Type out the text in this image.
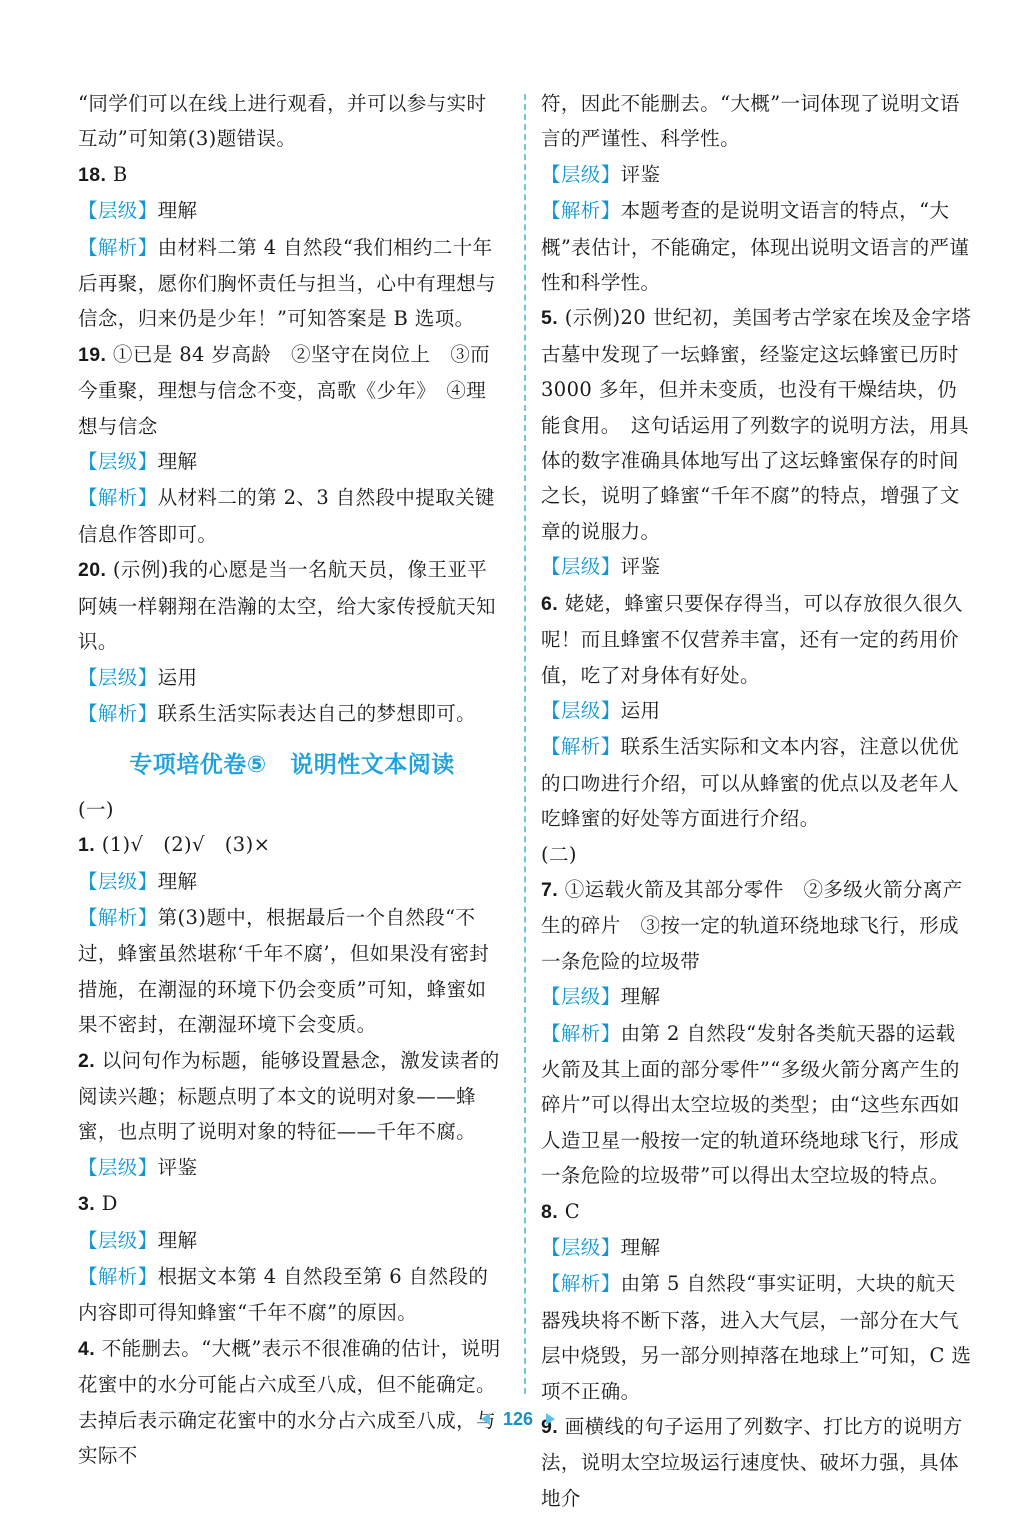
“同学们可以在线上进行观看，并可以参与实时互动”可知第(3)题错误。

18. B

【层级】理解

【解析】由材料二第 4 自然段“我们相约二十年后再聚，愿你们胸怀责任与担当，心中有理想与信念，归来仍是少年！”可知答案是 B 选项。

19. ①已是 84 岁高龄　②坚守在岗位上　③而今重聚，理想与信念不变，高歌《少年》　④理想与信念

【层级】理解

【解析】从材料二的第 2、3 自然段中提取关键信息作答即可。

20. (示例)我的心愿是当一名航天员，像王亚平阿姨一样翱翔在浩瀚的太空，给大家传授航天知识。

【层级】运用

【解析】联系生活实际表达自己的梦想即可。

专项培优卷⑤　说明性文本阅读

(一)

1. (1)√　(2)√　(3)×

【层级】理解

【解析】第(3)题中，根据最后一个自然段“不过，蜂蜜虽然堪称‘千年不腐’，但如果没有密封措施，在潮湿的环境下仍会变质”可知，蜂蜜如果不密封，在潮湿环境下会变质。

2. 以问句作为标题，能够设置悬念，激发读者的阅读兴趣；标题点明了本文的说明对象——蜂蜜，也点明了说明对象的特征——千年不腐。

【层级】评鉴

3. D

【层级】理解

【解析】根据文本第 4 自然段至第 6 自然段的内容即可得知蜂蜜“千年不腐”的原因。

4. 不能删去。“大概”表示不很准确的估计，说明花蜜中的水分可能占六成至八成，但不能确定。去掉后表示确定花蜜中的水分占六成至八成，与实际不

符，因此不能删去。“大概”一词体现了说明文语言的严谨性、科学性。

【层级】评鉴

【解析】本题考查的是说明文语言的特点，“大概”表估计，不能确定，体现出说明文语言的严谨性和科学性。

5. (示例)20 世纪初，美国考古学家在埃及金字塔古墓中发现了一坛蜂蜜，经鉴定这坛蜂蜜已历时 3000 多年，但并未变质，也没有干燥结块，仍能食用。　这句话运用了列数字的说明方法，用具体的数字准确具体地写出了这坛蜂蜜保存的时间之长，说明了蜂蜜“千年不腐”的特点，增强了文章的说服力。

【层级】评鉴

6. 姥姥，蜂蜜只要保存得当，可以存放很久很久呢！而且蜂蜜不仅营养丰富，还有一定的药用价值，吃了对身体有好处。

【层级】运用

【解析】联系生活实际和文本内容，注意以优优的口吻进行介绍，可以从蜂蜜的优点以及老年人吃蜂蜜的好处等方面进行介绍。

(二)

7. ①运载火箭及其部分零件　②多级火箭分离产生的碎片　③按一定的轨道环绕地球飞行，形成一条危险的垃圾带

【层级】理解

【解析】由第 2 自然段“发射各类航天器的运载火箭及其上面的部分零件”“多级火箭分离产生的碎片”可以得出太空垃圾的类型；由“这些东西如人造卫星一般按一定的轨道环绕地球飞行，形成一条危险的垃圾带”可以得出太空垃圾的特点。

8. C

【层级】理解

【解析】由第 5 自然段“事实证明，大块的航天器残块将不断下落，进入大气层，一部分在大气层中烧毁，另一部分则掉落在地球上”可知，C 选项不正确。

9. 画横线的句子运用了列数字、打比方的说明方法，说明太空垃圾运行速度快、破坏力强，具体地介

126
